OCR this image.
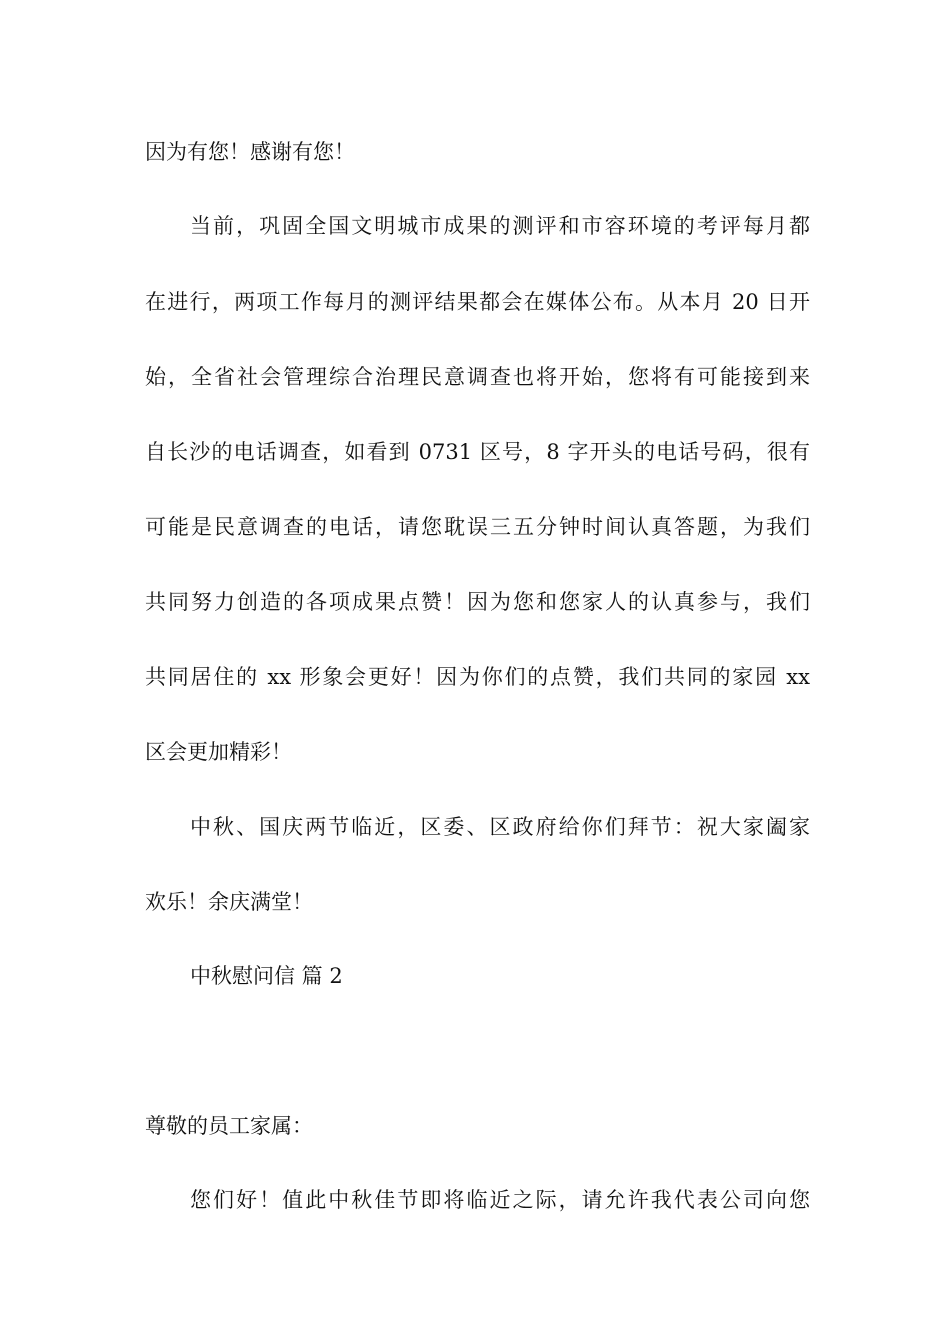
因为有您！感谢有您！
当前，巩固全国文明城市成果的测评和市容环境的考评每月都
在进行，两项工作每月的测评结果都会在媒体公布。从本月 20 日开
始，全省社会管理综合治理民意调查也将开始，您将有可能接到来
自长沙的电话调查，如看到 0731 区号，8 字开头的电话号码，很有
可能是民意调查的电话，请您耽误三五分钟时间认真答题，为我们
共同努力创造的各项成果点赞！因为您和您家人的认真参与，我们
共同居住的 xx 形象会更好！因为你们的点赞，我们共同的家园 xx
区会更加精彩！
中秋、国庆两节临近，区委、区政府给你们拜节：祝大家阖家
欢乐！余庆满堂！
中秋慰问信 篇 2
尊敬的员工家属：
您们好！值此中秋佳节即将临近之际，请允许我代表公司向您
